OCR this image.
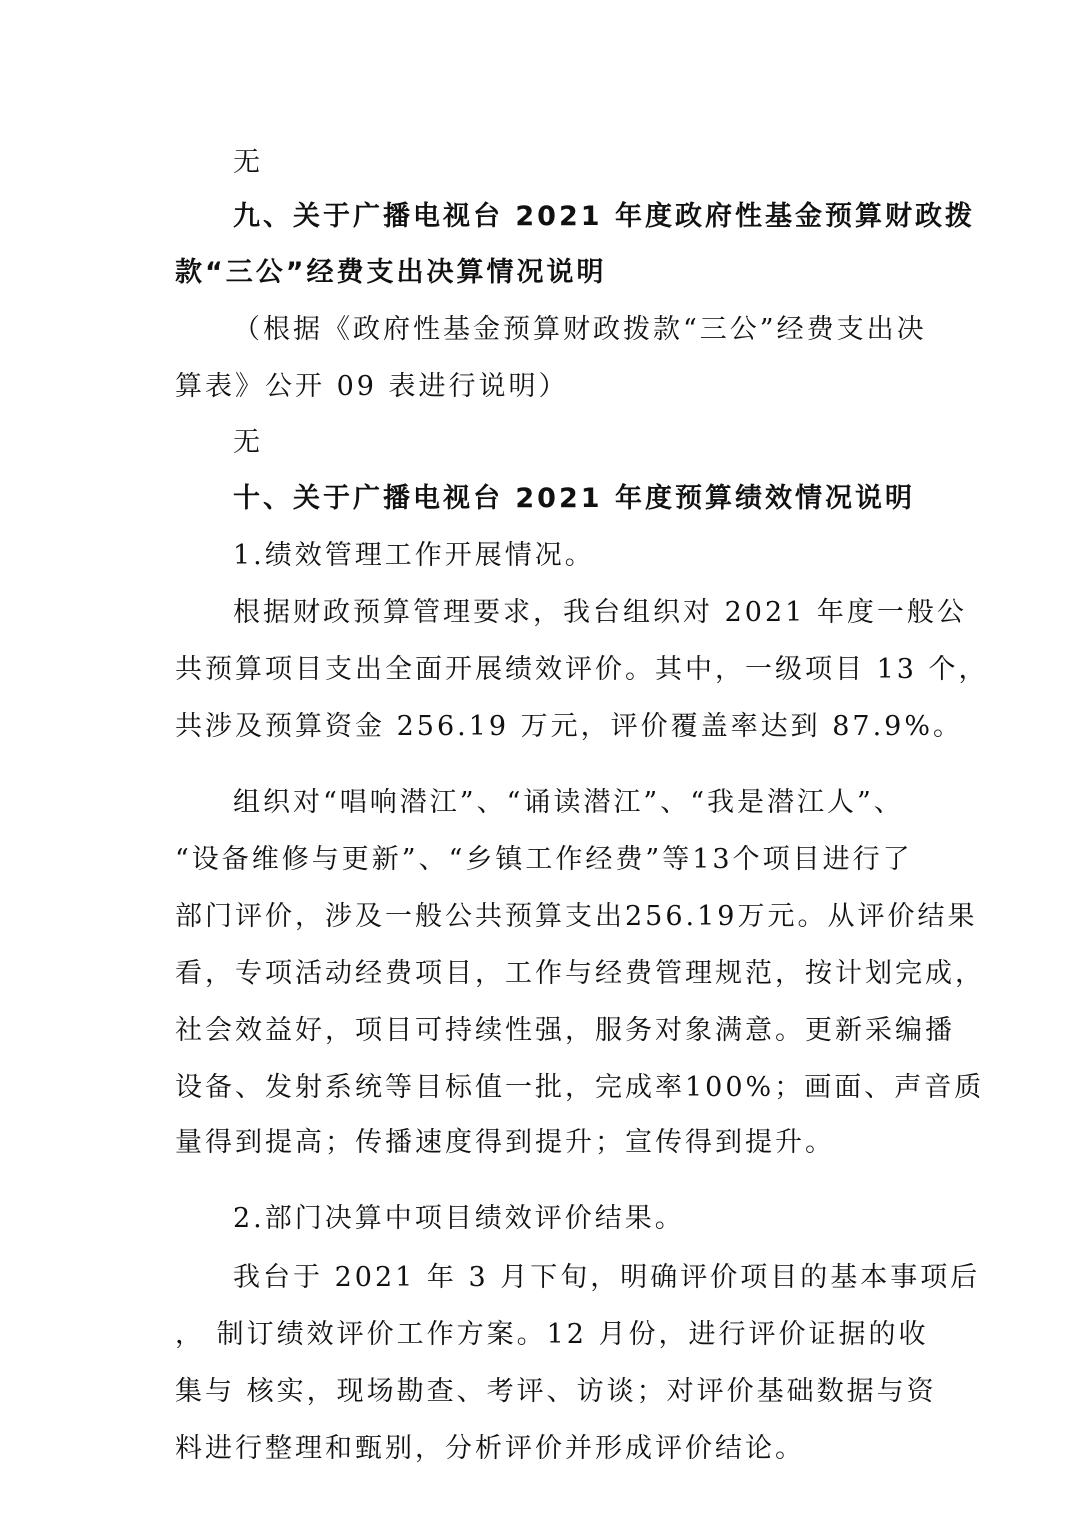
无
九、关于广播电视台 2021 年度政府性基金预算财政拨
款“三公”经费支出决算情况说明
（根据《政府性基金预算财政拨款“三公”经费支出决
算表》公开 09 表进行说明）
无
十、关于广播电视台 2021 年度预算绩效情况说明
1.绩效管理工作开展情况。
根据财政预算管理要求，我台组织对 2021 年度一般公
共预算项目支出全面开展绩效评价。其中，一级项目 13 个，
共涉及预算资金 256.19 万元，评价覆盖率达到 87.9%。
组织对“唱响潜江”、“诵读潜江”、“我是潜江人”、
“设备维修与更新”、“乡镇工作经费”等13个项目进行了
部门评价，涉及一般公共预算支出256.19万元。从评价结果
看，专项活动经费项目，工作与经费管理规范，按计划完成，
社会效益好，项目可持续性强，服务对象满意。更新采编播
设备、发射系统等目标值一批，完成率100%；画面、声音质
量得到提高；传播速度得到提升；宣传得到提升。
2.部门决算中项目绩效评价结果。
我台于 2021 年 3 月下旬，明确评价项目的基本事项后
， 制订绩效评价工作方案。12 月份，进行评价证据的收
集与 核实，现场勘查、考评、访谈；对评价基础数据与资
料进行整理和甄别，分析评价并形成评价结论。
